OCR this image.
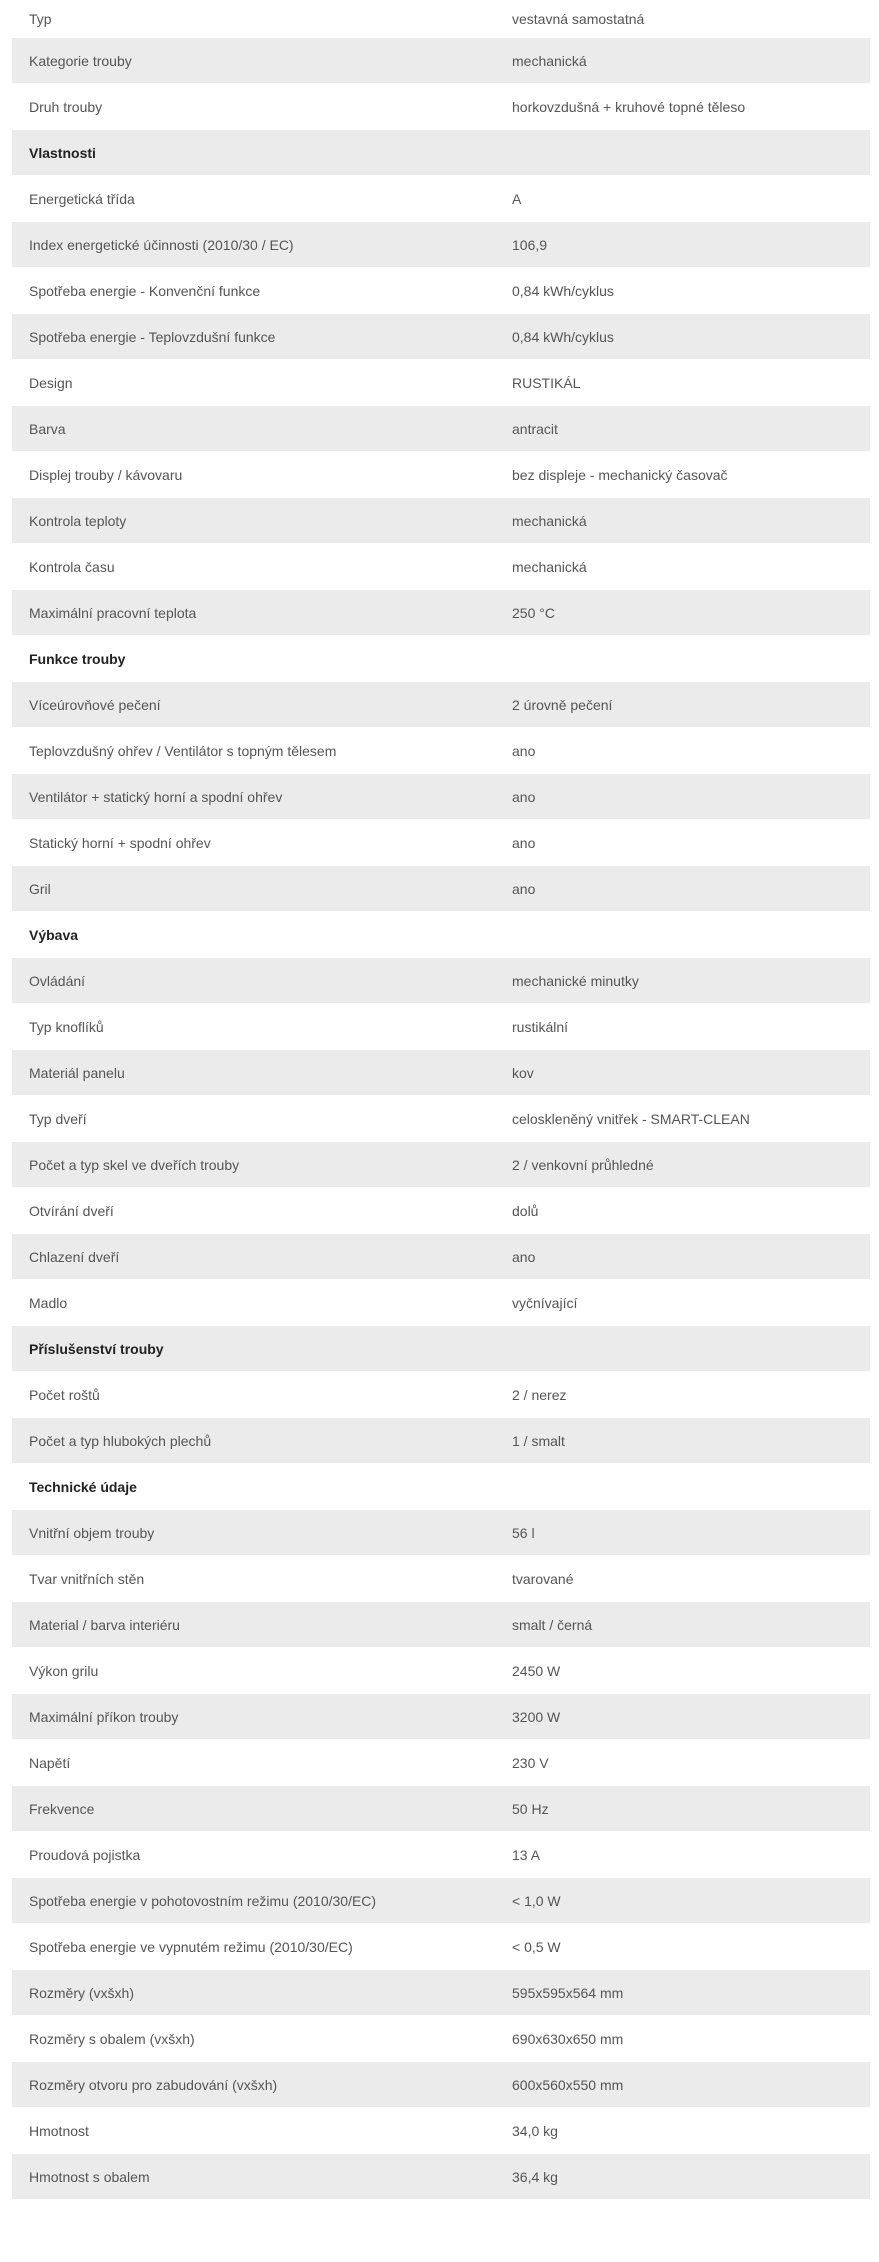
Typ	vestavná samostatná
Kategorie trouby	mechanická
Druh trouby	horkovzdušná + kruhové topné těleso
Vlastnosti
Energetická třída	A
Index energetické účinnosti (2010/30 / EC)	106,9
Spotřeba energie - Konvenční funkce	0,84 kWh/cyklus
Spotřeba energie - Teplovzdušní funkce	0,84 kWh/cyklus
Design	RUSTIKÁL
Barva	antracit
Displej trouby / kávovaru	bez displeje - mechanický časovač
Kontrola teploty	mechanická
Kontrola času	mechanická
Maximální pracovní teplota	250 °C
Funkce trouby
Víceúrovňové pečení	2 úrovně pečení
Teplovzdušný ohřev / Ventilátor s topným tělesem	ano
Ventilátor + statický horní a spodní ohřev	ano
Statický horní + spodní ohřev	ano
Gril	ano
Výbava
Ovládání	mechanické minutky
Typ knoflíků	rustikální
Materiál panelu	kov
Typ dveří	celoskleněný vnitřek - SMART-CLEAN
Počet a typ skel ve dveřích trouby	2 / venkovní průhledné
Otvírání dveří	dolů
Chlazení dveří	ano
Madlo	vyčnívající
Příslušenství trouby
Počet roštů	2 / nerez
Počet a typ hlubokých plechů	1 / smalt
Technické údaje
Vnitřní objem trouby	56 l
Tvar vnitřních stěn	tvarované
Material / barva interiéru	smalt / černá
Výkon grilu	2450 W
Maximální příkon trouby	3200 W
Napětí	230 V
Frekvence	50 Hz
Proudová pojistka	13 A
Spotřeba energie v pohotovostním režimu (2010/30/EC)	< 1,0 W
Spotřeba energie ve vypnutém režimu (2010/30/EC)	< 0,5 W
Rozměry (vxšxh)	595x595x564 mm
Rozměry s obalem (vxšxh)	690x630x650 mm
Rozměry otvoru pro zabudování (vxšxh)	600x560x550 mm
Hmotnost	34,0 kg
Hmotnost s obalem	36,4 kg
